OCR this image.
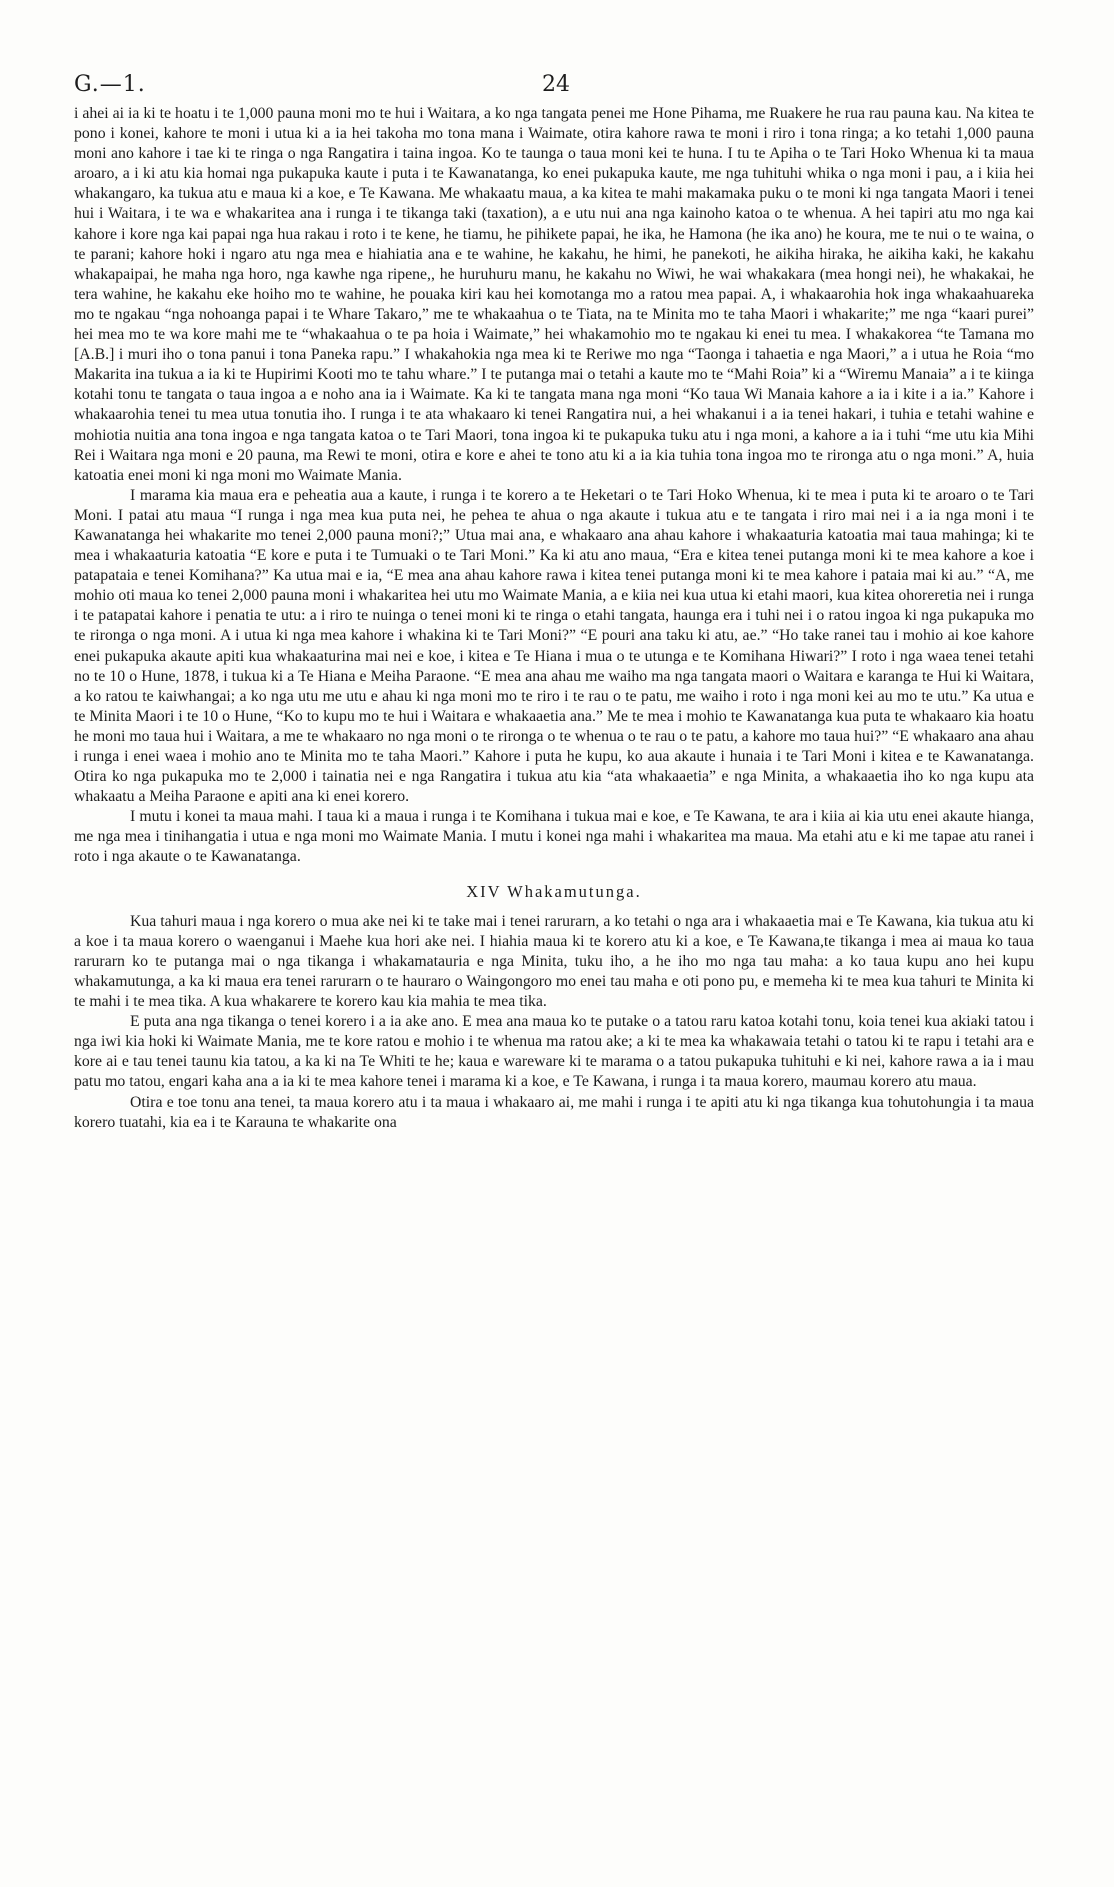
G.—1.	24

i ahei ai ia ki te hoatu i te 1,000 pauna moni mo te hui i Waitara, a ko nga tangata penei me Hone Pihama, me Ruakere he rua rau pauna kau. Na kitea te pono i konei, kahore te moni i utua ki a ia hei takoha mo tona mana i Waimate, otira kahore rawa te moni i riro i tona ringa; a ko tetahi 1,000 pauna moni ano kahore i tae ki te ringa o nga Rangatira i taina ingoa. Ko te taunga o taua moni kei te huna. I tu te Apiha o te Tari Hoko Whenua ki ta maua aroaro, a i ki atu kia homai nga pukapuka kaute i puta i te Kawanatanga, ko enei pukapuka kaute, me nga tuhituhi whika o nga moni i pau, a i kiia hei whakangaro, ka tukua atu e maua ki a koe, e Te Kawana. Me whakaatu maua, a ka kitea te mahi makamaka puku o te moni ki nga tangata Maori i tenei hui i Waitara, i te wa e whakaritea ana i runga i te tikanga taki (taxation), a e utu nui ana nga kainoho katoa o te whenua. A hei tapiri atu mo nga kai kahore i kore nga kai papai nga hua rakau i roto i te kene, he tiamu, he pihikete papai, he ika, he Hamona (he ika ano) he koura, me te nui o te waina, o te parani; kahore hoki i ngaro atu nga mea e hiahiatia ana e te wahine, he kakahu, he himi, he panekoti, he aikiha hiraka, he aikiha kaki, he kakahu whakapaipai, he maha nga horo, nga kawhe nga ripene,, he huruhuru manu, he kakahu no Wiwi, he wai whakakara (mea hongi nei), he whakakai, he tera wahine, he kakahu eke hoiho mo te wahine, he pouaka kiri kau hei komotanga mo a ratou mea papai. A, i whakaarohia hok inga whakaahuareka mo te ngakau “nga nohoanga papai i te Whare Takaro,” me te whakaahua o te Tiata, na te Minita mo te taha Maori i whakarite;” me nga “kaari purei” hei mea mo te wa kore mahi me te “whakaahua o te pa hoia i Waimate,” hei whakamohio mo te ngakau ki enei tu mea. I whakakorea “te Tamana mo [A.B.] i muri iho o tona panui i tona Paneka rapu.” I whakahokia nga mea ki te Reriwe mo nga “Taonga i tahaetia e nga Maori,” a i utua he Roia “mo Makarita ina tukua a ia ki te Hupirimi Kooti mo te tahu whare.” I te putanga mai o tetahi a kaute mo te “Mahi Roia” ki a “Wiremu Manaia” a i te kiinga kotahi tonu te tangata o taua ingoa a e noho ana ia i Waimate. Ka ki te tangata mana nga moni “Ko taua Wi Manaia kahore a ia i kite i a ia.” Kahore i whakaarohia tenei tu mea utua tonutia iho. I runga i te ata whakaaro ki tenei Rangatira nui, a hei whakanui i a ia tenei hakari, i tuhia e tetahi wahine e mohiotia nuitia ana tona ingoa e nga tangata katoa o te Tari Maori, tona ingoa ki te pukapuka tuku atu i nga moni, a kahore a ia i tuhi “me utu kia Mihi Rei i Waitara nga moni e 20 pauna, ma Rewi te moni, otira e kore e ahei te tono atu ki a ia kia tuhia tona ingoa mo te rironga atu o nga moni.” A, huia katoatia enei moni ki nga moni mo Waimate Mania.

I marama kia maua era e peheatia aua a kaute, i runga i te korero a te Heketari o te Tari Hoko Whenua, ki te mea i puta ki te aroaro o te Tari Moni. I patai atu maua “I runga i nga mea kua puta nei, he pehea te ahua o nga akaute i tukua atu e te tangata i riro mai nei i a ia nga moni i te Kawanatanga hei whakarite mo tenei 2,000 pauna moni?;” Utua mai ana, e whakaaro ana ahau kahore i whakaaturia katoatia mai taua mahinga; ki te mea i whakaaturia katoatia “E kore e puta i te Tumuaki o te Tari Moni.” Ka ki atu ano maua, “Era e kitea tenei putanga moni ki te mea kahore a koe i patapataia e tenei Komihana?” Ka utua mai e ia, “E mea ana ahau kahore rawa i kitea tenei putanga moni ki te mea kahore i pataia mai ki au.” “A, me mohio oti maua ko tenei 2,000 pauna moni i whakaritea hei utu mo Waimate Mania, a e kiia nei kua utua ki etahi maori, kua kitea ohoreretia nei i runga i te patapatai kahore i penatia te utu: a i riro te nuinga o tenei moni ki te ringa o etahi tangata, haunga era i tuhi nei i o ratou ingoa ki nga pukapuka mo te rironga o nga moni. A i utua ki nga mea kahore i whakina ki te Tari Moni?” “E pouri ana taku ki atu, ae.” “Ho take ranei tau i mohio ai koe kahore enei pukapuka akaute apiti kua whakaaturina mai nei e koe, i kitea e Te Hiana i mua o te utunga e te Komihana Hiwari?” I roto i nga waea tenei tetahi no te 10 o Hune, 1878, i tukua ki a Te Hiana e Meiha Paraone. “E mea ana ahau me waiho ma nga tangata maori o Waitara e karanga te Hui ki Waitara, a ko ratou te kaiwhangai; a ko nga utu me utu e ahau ki nga moni mo te riro i te rau o te patu, me waiho i roto i nga moni kei au mo te utu.” Ka utua e te Minita Maori i te 10 o Hune, “Ko to kupu mo te hui i Waitara e whakaaetia ana.” Me te mea i mohio te Kawanatanga kua puta te whakaaro kia hoatu he moni mo taua hui i Waitara, a me te whakaaro no nga moni o te rironga o te whenua o te rau o te patu, a kahore mo taua hui?” “E whakaaro ana ahau i runga i enei waea i mohio ano te Minita mo te taha Maori.” Kahore i puta he kupu, ko aua akaute i hunaia i te Tari Moni i kitea e te Kawanatanga. Otira ko nga pukapuka mo te 2,000 i tainatia nei e nga Rangatira i tukua atu kia “ata whakaaetia” e nga Minita, a whakaaetia iho ko nga kupu ata whakaatu a Meiha Paraone e apiti ana ki enei korero.

I mutu i konei ta maua mahi. I taua ki a maua i runga i te Komihana i tukua mai e koe, e Te Kawana, te ara i kiia ai kia utu enei akaute hianga, me nga mea i tinihangatia i utua e nga moni mo Waimate Mania. I mutu i konei nga mahi i whakaritea ma maua. Ma etahi atu e ki me tapae atu ranei i roto i nga akaute o te Kawanatanga.

XIV Whakamutunga.

Kua tahuri maua i nga korero o mua ake nei ki te take mai i tenei rarurarn, a ko tetahi o nga ara i whakaaetia mai e Te Kawana, kia tukua atu ki a koe i ta maua korero o waenganui i Maehe kua hori ake nei. I hiahia maua ki te korero atu ki a koe, e Te Kawana,te tikanga i mea ai maua ko taua rarurarn ko te putanga mai o nga tikanga i whakamatauria e nga Minita, tuku iho, a he iho mo nga tau maha: a ko taua kupu ano hei kupu whakamutunga, a ka ki maua era tenei rarurarn o te hauraro o Waingongoro mo enei tau maha e oti pono pu, e memeha ki te mea kua tahuri te Minita ki te mahi i te mea tika. A kua whakarere te korero kau kia mahia te mea tika.

E puta ana nga tikanga o tenei korero i a ia ake ano. E mea ana maua ko te putake o a tatou raru katoa kotahi tonu, koia tenei kua akiaki tatou i nga iwi kia hoki ki Waimate Mania, me te kore ratou e mohio i te whenua ma ratou ake; a ki te mea ka whakawaia tetahi o tatou ki te rapu i tetahi ara e kore ai e tau tenei taunu kia tatou, a ka ki na Te Whiti te he; kaua e wareware ki te marama o a tatou pukapuka tuhituhi e ki nei, kahore rawa a ia i mau patu mo tatou, engari kaha ana a ia ki te mea kahore tenei i marama ki a koe, e Te Kawana, i runga i ta maua korero, maumau korero atu maua.

Otira e toe tonu ana tenei, ta maua korero atu i ta maua i whakaaro ai, me mahi i runga i te apiti atu ki nga tikanga kua tohutohungia i ta maua korero tuatahi, kia ea i te Karauna te whakarite ona
